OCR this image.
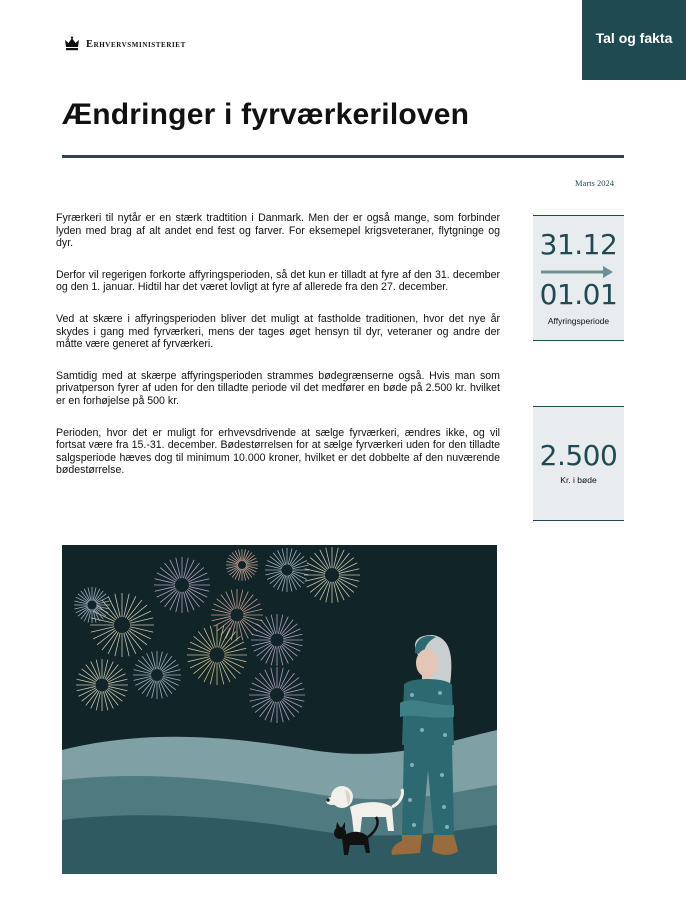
Tal og fakta
Erhvervsministeriet
Ændringer i fyrværkeriloven
Marts 2024

Fyrærkeri til nytår er en stærk tradtition i Danmark. Men der er også mange, som forbinder lyden med brag af alt andet end fest og farver. For eksemepel krigsveteraner, flytgninge og dyr.

Derfor vil regerigen forkorte affyringsperioden, så det kun er tilladt at fyre af den 31. december og den 1. januar. Hidtil har det været lovligt at fyre af allerede fra den 27. december.

Ved at skære i affyringsperioden bliver det muligt at fastholde traditionen, hvor det nye år skydes i gang med fyrværkeri, mens der tages øget hensyn til dyr, veteraner og andre der måtte være generet af fyrværkeri.

Samtidig med at skærpe affyringsperioden strammes bødegrænserne også. Hvis man som privatperson fyrer af uden for den tilladte periode vil det medfører en bøde på 2.500 kr. hvilket er en forhøjelse på 500 kr.

Perioden, hvor det er muligt for erhvevsdrivende at sælge fyrværkeri, ændres ikke, og vil fortsat være fra 15.-31. december. Bødestørrelsen for at sælge fyrværkeri uden for den tilladte salgsperiode hæves dog til minimum 10.000 kroner, hvilket er det dobbelte af den nuværende bødestørrelse.

31.12
01.01
Affyringsperiode
2.500
Kr. i bøde
